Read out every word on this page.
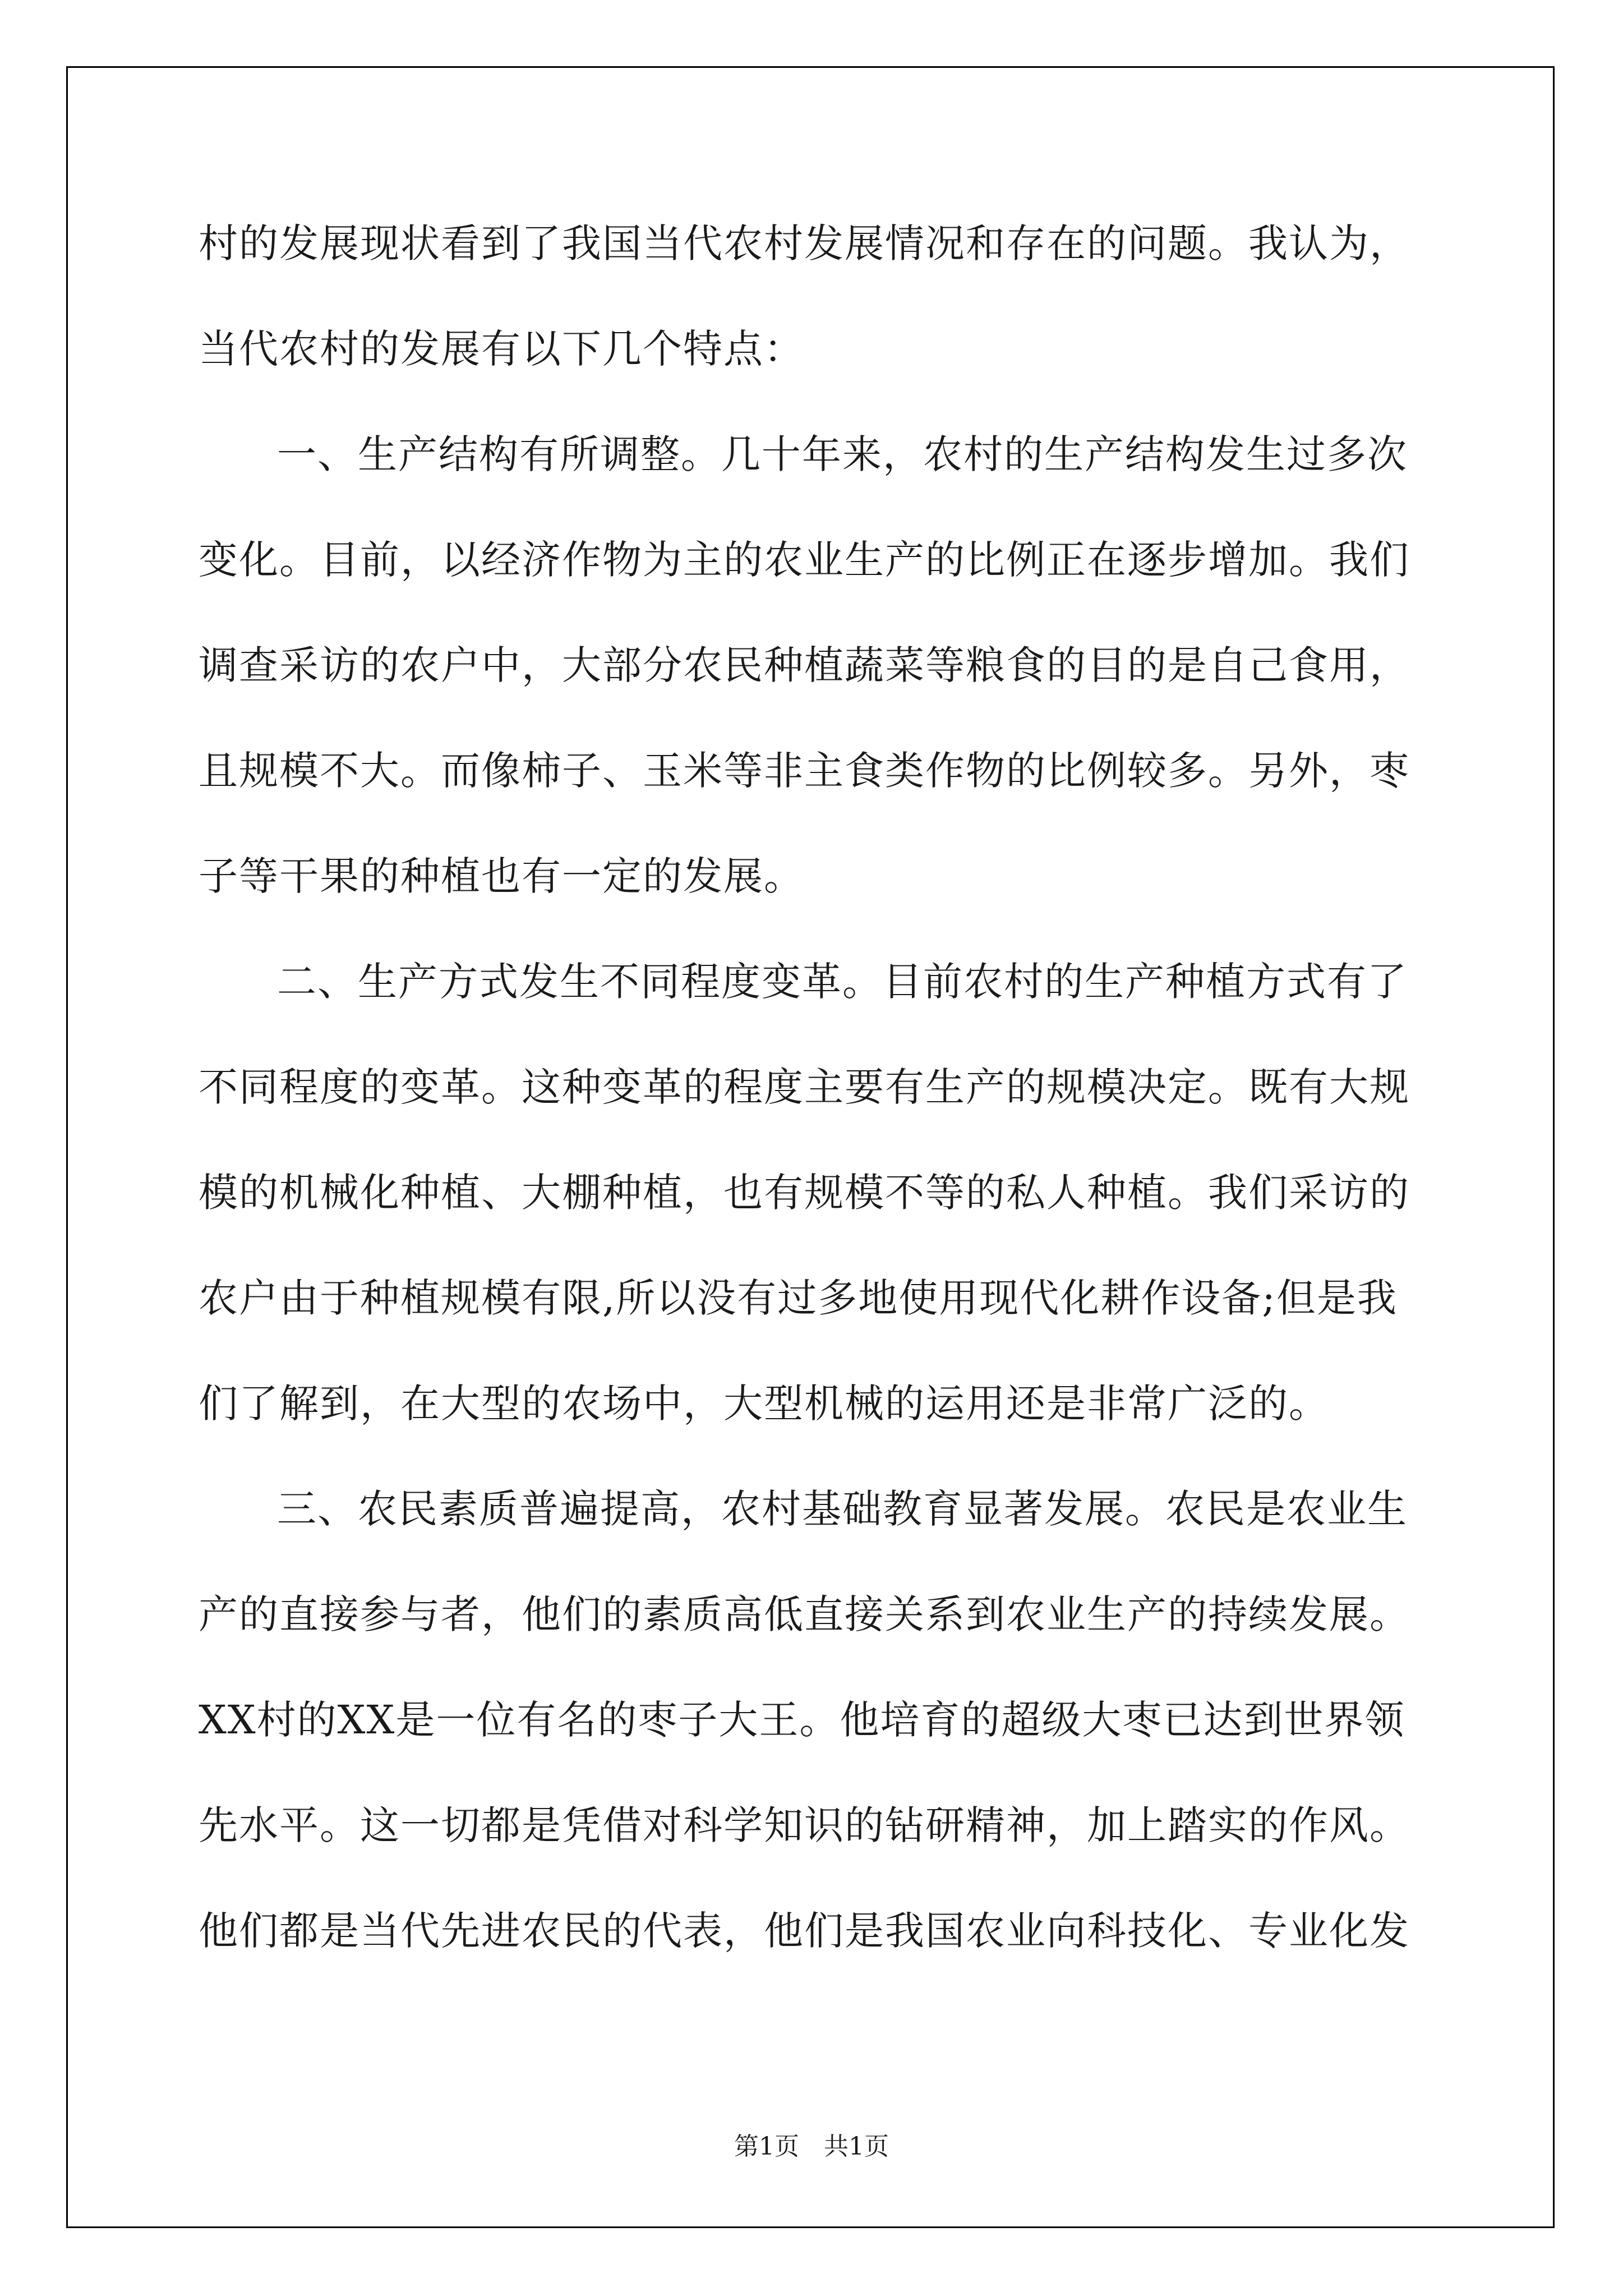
村的发展现状看到了我国当代农村发展情况和存在的问题。我认为，
当代农村的发展有以下几个特点：
一、生产结构有所调整。几十年来，农村的生产结构发生过多次
变化。目前，以经济作物为主的农业生产的比例正在逐步增加。我们
调查采访的农户中，大部分农民种植蔬菜等粮食的目的是自己食用，
且规模不大。而像柿子、玉米等非主食类作物的比例较多。另外，枣
子等干果的种植也有一定的发展。
二、生产方式发生不同程度变革。目前农村的生产种植方式有了
不同程度的变革。这种变革的程度主要有生产的规模决定。既有大规
模的机械化种植、大棚种植，也有规模不等的私人种植。我们采访的
农户由于种植规模有限,所以没有过多地使用现代化耕作设备;但是我
们了解到，在大型的农场中，大型机械的运用还是非常广泛的。
三、农民素质普遍提高，农村基础教育显著发展。农民是农业生
产的直接参与者，他们的素质高低直接关系到农业生产的持续发展。
XX村的XX是一位有名的枣子大王。他培育的超级大枣已达到世界领
先水平。这一切都是凭借对科学知识的钻研精神，加上踏实的作风。
他们都是当代先进农民的代表，他们是我国农业向科技化、专业化发
第1页　共1页
